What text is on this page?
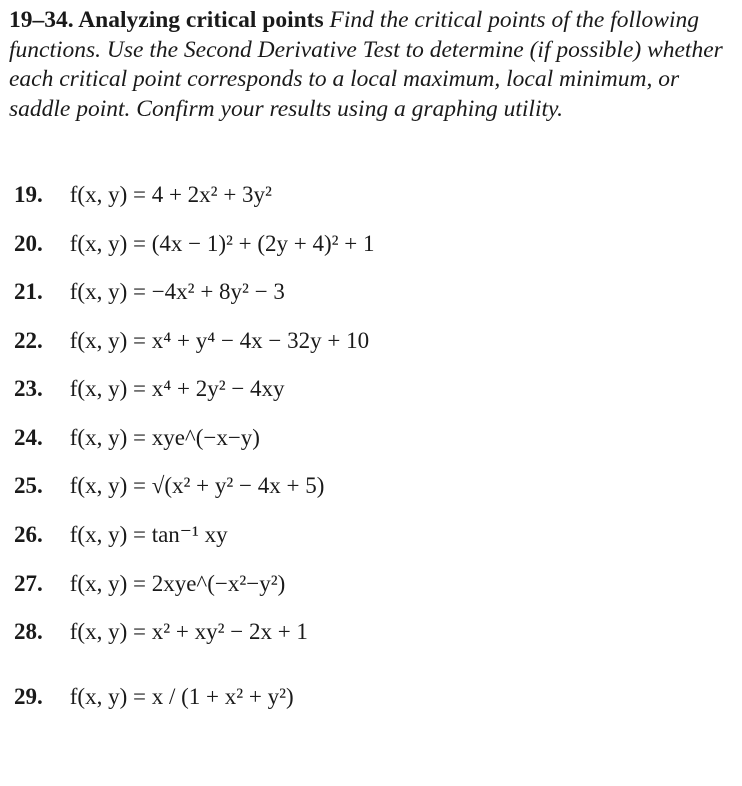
19–34. Analyzing critical points Find the critical points of the following functions. Use the Second Derivative Test to determine (if possible) whether each critical point corresponds to a local maximum, local minimum, or saddle point. Confirm your results using a graphing utility.
19. f(x, y) = 4 + 2x² + 3y²
20. f(x, y) = (4x − 1)² + (2y + 4)² + 1
21. f(x, y) = −4x² + 8y² − 3
22. f(x, y) = x⁴ + y⁴ − 4x − 32y + 10
23. f(x, y) = x⁴ + 2y² − 4xy
24. f(x, y) = xye^(−x−y)
25. f(x, y) = √(x² + y² − 4x + 5)
26. f(x, y) = tan⁻¹ xy
27. f(x, y) = 2xye^(−x²−y²)
28. f(x, y) = x² + xy² − 2x + 1
29. f(x, y) = x / (1 + x² + y²)
